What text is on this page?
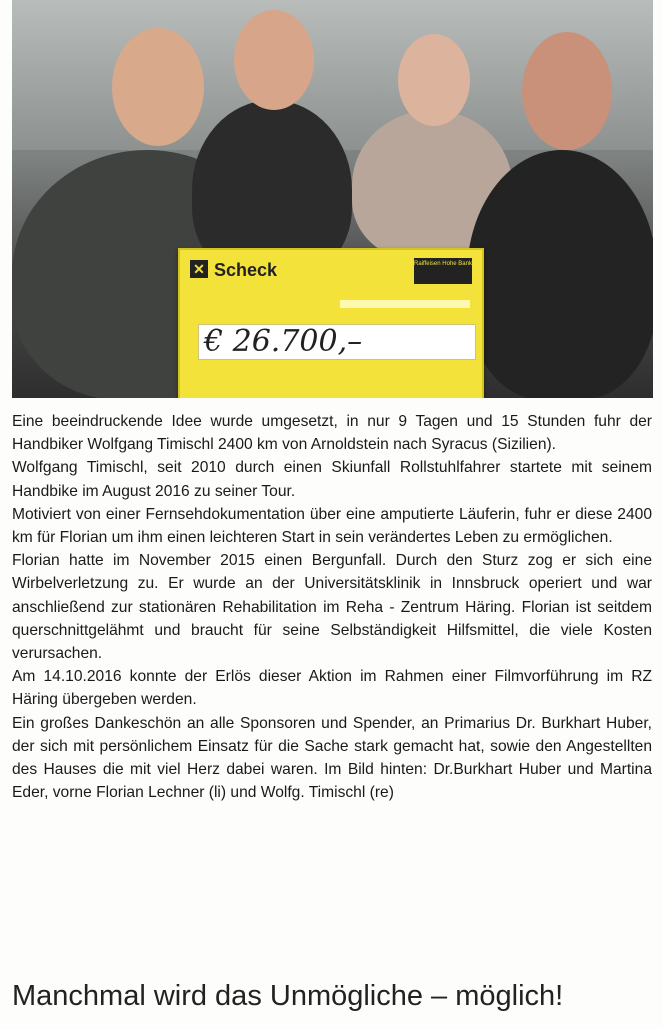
✕ Scheck	Raiffeisen Hohe Bank
€ 26.700,–

Eine beeindruckende Idee wurde umgesetzt, in nur 9 Tagen und 15 Stunden fuhr der Handbiker Wolfgang Timischl 2400 km von Arnoldstein nach Syracus (Sizilien).

Wolfgang Timischl, seit 2010 durch einen Skiunfall Rollstuhlfahrer startete mit seinem Handbike im August 2016 zu seiner Tour.

Motiviert von einer Fernsehdokumentation über eine amputierte Läuferin, fuhr er diese 2400 km für Florian um ihm einen leichteren Start in sein verändertes Leben zu ermöglichen.

Florian hatte im November 2015 einen Bergunfall. Durch den Sturz zog er sich eine Wirbelverletzung zu. Er wurde an der Universitätsklinik in Innsbruck operiert und war anschließend zur stationären Rehabilitation im Reha - Zentrum Häring. Florian ist seitdem querschnittgelähmt und braucht für seine Selbständigkeit Hilfsmittel, die viele Kosten verursachen.

Am 14.10.2016 konnte der Erlös dieser Aktion im Rahmen einer Filmvorführung im RZ Häring übergeben werden.

Ein großes Dankeschön an alle Sponsoren und Spender, an Primarius Dr. Burkhart Huber, der sich mit persönlichem Einsatz für die Sache stark gemacht hat, sowie den Angestellten des Hauses die mit viel Herz dabei waren. Im Bild hinten: Dr.Burkhart Huber und Martina Eder, vorne Florian Lechner (li) und Wolfg. Timischl (re)

Manchmal wird das Unmögliche – möglich!
